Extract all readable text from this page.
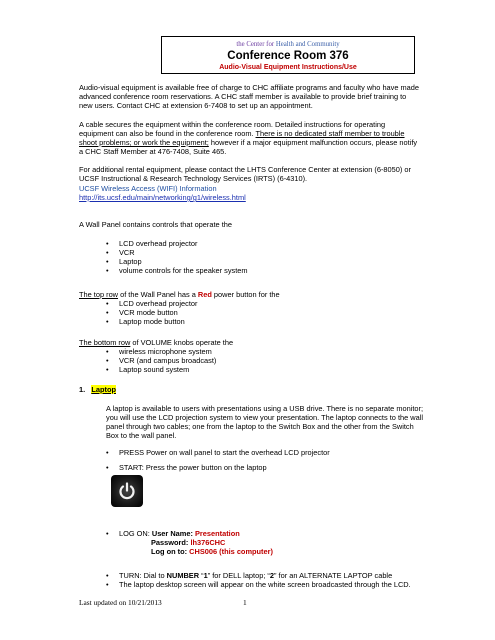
the Center for Health and Community
Conference Room 376
Audio-Visual Equipment Instructions/Use

Audio-visual equipment is available free of charge to CHC affiliate programs and faculty who have made advanced conference room reservations. A CHC staff member is available to provide brief training to new users. Contact CHC at extension 6-7408 to set up an appointment.

A cable secures the equipment within the conference room. Detailed instructions for operating equipment can also be found in the conference room. There is no dedicated staff member to trouble shoot problems; or work the equipment; however if a major equipment malfunction occurs, please notify a CHC Staff Member at 476-7408, Suite 465.

For additional rental equipment, please contact the LHTS Conference Center at extension (6-8050) or UCSF Instructional & Research Technology Services (IRTS) (6-4310).

UCSF Wireless Access (WIFI) Information

http://its.ucsf.edu/main/networking/g1/wireless.html

A Wall Panel contains controls that operate the

• LCD overhead projector
• VCR
• Laptop
• volume controls for the speaker system

The top row of the Wall Panel has a Red power button for the

• LCD overhead projector
• VCR mode button
• Laptop mode button

The bottom row of VOLUME knobs operate the

• wireless microphone system
• VCR (and campus broadcast)
• Laptop sound system
1. Laptop

A laptop is available to users with presentations using a USB drive. There is no separate monitor; you will use the LCD projection system to view your presentation. The laptop connects to the wall panel through two cables; one from the laptop to the Switch Box and the other from the Switch Box to the wall panel.

• PRESS Power on wall panel to start the overhead LCD projector
• START: Press the power button on the laptop
• LOG ON: User Name: Presentation
Password: lh376CHC
Log on to: CHS006 (this computer)
• TURN: Dial to NUMBER “1” for DELL laptop; “2” for an ALTERNATE LAPTOP cable
• The laptop desktop screen will appear on the white screen broadcasted through the LCD.
Last updated on 10/21/2013	1
